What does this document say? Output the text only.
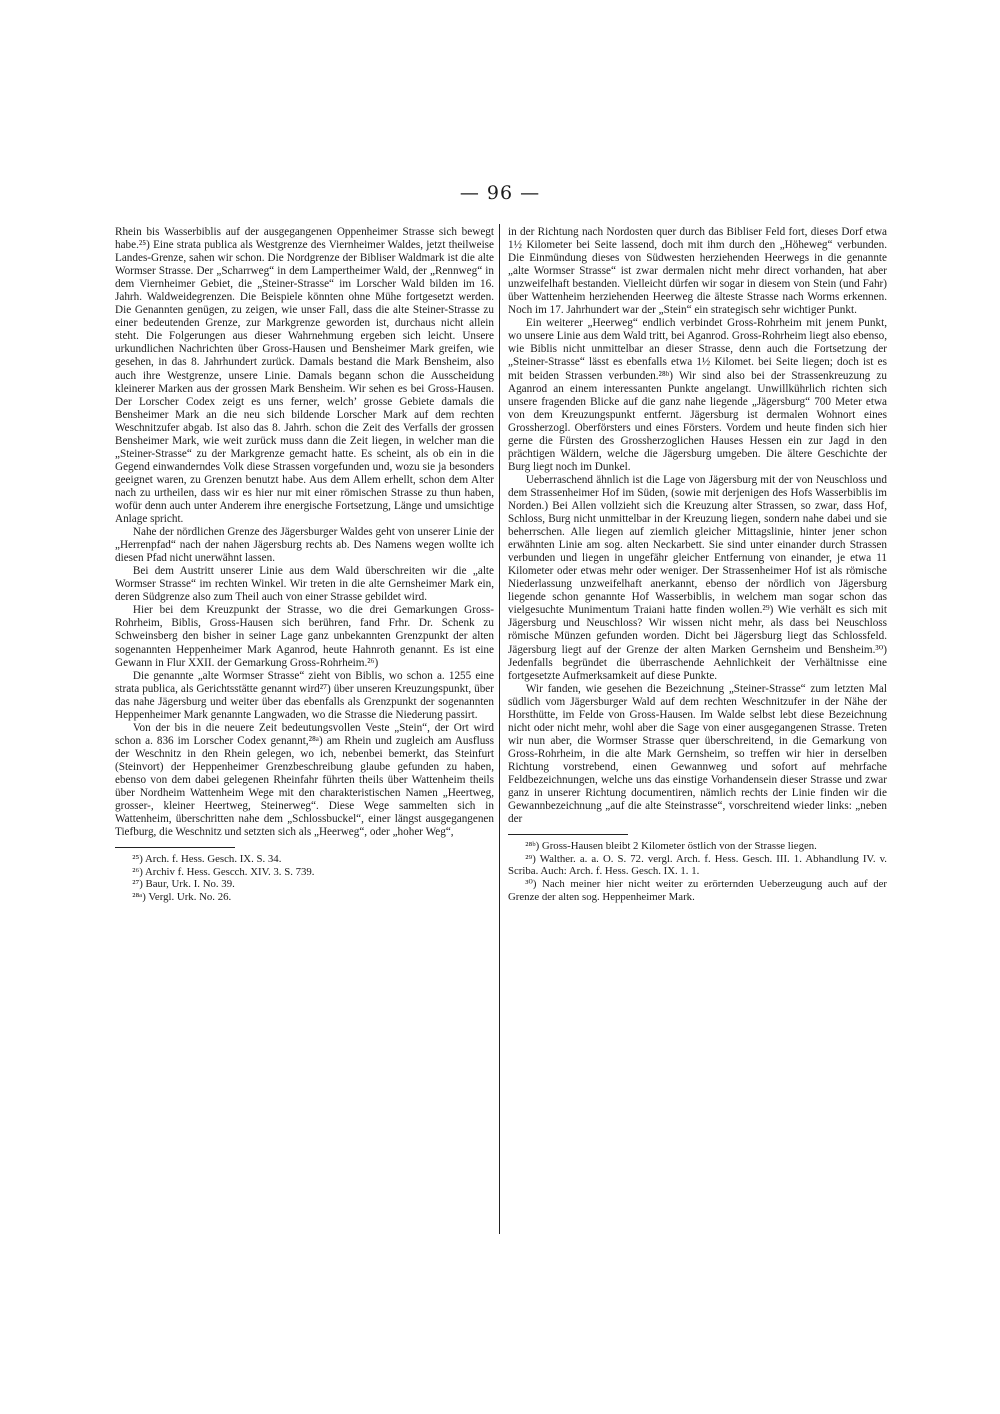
— 96 —

Rhein bis Wasserbiblis auf der ausgegangenen Oppenheimer Strasse sich bewegt habe.²⁵) Eine strata publica als Westgrenze des Viernheimer Waldes, jetzt theilweise Landes-Grenze, sahen wir schon. Die Nordgrenze der Bibliser Waldmark ist die alte Wormser Strasse. Der „Scharrweg“ in dem Lampertheimer Wald, der „Rennweg“ in dem Viernheimer Gebiet, die „Steiner-Strasse“ im Lorscher Wald bilden im 16. Jahrh. Waldweidegrenzen. Die Beispiele könnten ohne Mühe fortgesetzt werden. Die Genannten genügen, zu zeigen, wie unser Fall, dass die alte Steiner-Strasse zu einer bedeutenden Grenze, zur Markgrenze geworden ist, durchaus nicht allein steht. Die Folgerungen aus dieser Wahrnehmung ergeben sich leicht. Unsere urkundlichen Nachrichten über Gross-Hausen und Bensheimer Mark greifen, wie gesehen, in das 8. Jahrhundert zurück. Damals bestand die Mark Bensheim, also auch ihre Westgrenze, unsere Linie. Damals begann schon die Ausscheidung kleinerer Marken aus der grossen Mark Bensheim. Wir sehen es bei Gross-Hausen. Der Lorscher Codex zeigt es uns ferner, welch’ grosse Gebiete damals die Bensheimer Mark an die neu sich bildende Lorscher Mark auf dem rechten Weschnitzufer abgab. Ist also das 8. Jahrh. schon die Zeit des Verfalls der grossen Bensheimer Mark, wie weit zurück muss dann die Zeit liegen, in welcher man die „Steiner-Strasse“ zu der Markgrenze gemacht hatte. Es scheint, als ob ein in die Gegend einwanderndes Volk diese Strassen vorgefunden und, wozu sie ja besonders geeignet waren, zu Grenzen benutzt habe. Aus dem Allem erhellt, schon dem Alter nach zu urtheilen, dass wir es hier nur mit einer römischen Strasse zu thun haben, wofür denn auch unter Anderem ihre energische Fortsetzung, Länge und umsichtige Anlage spricht.

Nahe der nördlichen Grenze des Jägersburger Waldes geht von unserer Linie der „Herrenpfad“ nach der nahen Jägersburg rechts ab. Des Namens wegen wollte ich diesen Pfad nicht unerwähnt lassen.

Bei dem Austritt unserer Linie aus dem Wald überschreiten wir die „alte Wormser Strasse“ im rechten Winkel. Wir treten in die alte Gernsheimer Mark ein, deren Südgrenze also zum Theil auch von einer Strasse gebildet wird.

Hier bei dem Kreuzpunkt der Strasse, wo die drei Gemarkungen Gross-Rohrheim, Biblis, Gross-Hausen sich berühren, fand Frhr. Dr. Schenk zu Schweinsberg den bisher in seiner Lage ganz unbekannten Grenzpunkt der alten sogenannten Heppenheimer Mark Aganrod, heute Hahnroth genannt. Es ist eine Gewann in Flur XXII. der Gemarkung Gross-Rohrheim.²⁶)

Die genannte „alte Wormser Strasse“ zieht von Biblis, wo schon a. 1255 eine strata publica, als Gerichtsstätte genannt wird²⁷) über unseren Kreuzungspunkt, über das nahe Jägersburg und weiter über das ebenfalls als Grenzpunkt der sogenannten Heppenheimer Mark genannte Langwaden, wo die Strasse die Niederung passirt.

Von der bis in die neuere Zeit bedeutungsvollen Veste „Stein“, der Ort wird schon a. 836 im Lorscher Codex genannt,²⁸ᵃ) am Rhein und zugleich am Ausfluss der Weschnitz in den Rhein gelegen, wo ich, nebenbei bemerkt, das Steinfurt (Steinvort) der Heppenheimer Grenzbeschreibung glaube gefunden zu haben, ebenso von dem dabei gelegenen Rheinfahr führten theils über Wattenheim theils über Nordheim Wattenheim Wege mit den charakteristischen Namen „Heertweg, grosser-, kleiner Heertweg, Steinerweg“. Diese Wege sammelten sich in Wattenheim, überschritten nahe dem „Schlossbuckel“, einer längst ausgegangenen Tiefburg, die Weschnitz und setzten sich als „Heerweg“, oder „hoher Weg“,

²⁵) Arch. f. Hess. Gesch. IX. S. 34.

²⁶) Archiv f. Hess. Gescch. XIV. 3. S. 739.

²⁷) Baur, Urk. I. No. 39.

²⁸ᵃ) Vergl. Urk. No. 26.

in der Richtung nach Nordosten quer durch das Bibliser Feld fort, dieses Dorf etwa 1½ Kilometer bei Seite lassend, doch mit ihm durch den „Höheweg“ verbunden. Die Einmündung dieses von Südwesten herziehenden Heerwegs in die genannte „alte Wormser Strasse“ ist zwar dermalen nicht mehr direct vorhanden, hat aber unzweifelhaft bestanden. Vielleicht dürfen wir sogar in diesem von Stein (und Fahr) über Wattenheim herziehenden Heerweg die älteste Strasse nach Worms erkennen. Noch im 17. Jahrhundert war der „Stein“ ein strategisch sehr wichtiger Punkt.

Ein weiterer „Heerweg“ endlich verbindet Gross-Rohrheim mit jenem Punkt, wo unsere Linie aus dem Wald tritt, bei Aganrod. Gross-Rohrheim liegt also ebenso, wie Biblis nicht unmittelbar an dieser Strasse, denn auch die Fortsetzung der „Steiner-Strasse“ lässt es ebenfalls etwa 1½ Kilomet. bei Seite liegen; doch ist es mit beiden Strassen verbunden.²⁸ᵇ) Wir sind also bei der Strassenkreuzung zu Aganrod an einem interessanten Punkte angelangt. Unwillkührlich richten sich unsere fragenden Blicke auf die ganz nahe liegende „Jägersburg“ 700 Meter etwa von dem Kreuzungspunkt entfernt. Jägersburg ist dermalen Wohnort eines Grossherzogl. Oberförsters und eines Försters. Vordem und heute finden sich hier gerne die Fürsten des Grossherzoglichen Hauses Hessen ein zur Jagd in den prächtigen Wäldern, welche die Jägersburg umgeben. Die ältere Geschichte der Burg liegt noch im Dunkel.

Ueberraschend ähnlich ist die Lage von Jägersburg mit der von Neuschloss und dem Strassenheimer Hof im Süden, (sowie mit derjenigen des Hofs Wasserbiblis im Norden.) Bei Allen vollzieht sich die Kreuzung alter Strassen, so zwar, dass Hof, Schloss, Burg nicht unmittelbar in der Kreuzung liegen, sondern nahe dabei und sie beherrschen. Alle liegen auf ziemlich gleicher Mittagslinie, hinter jener schon erwähnten Linie am sog. alten Neckarbett. Sie sind unter einander durch Strassen verbunden und liegen in ungefähr gleicher Entfernung von einander, je etwa 11 Kilometer oder etwas mehr oder weniger. Der Strassenheimer Hof ist als römische Niederlassung unzweifelhaft anerkannt, ebenso der nördlich von Jägersburg liegende schon genannte Hof Wasserbiblis, in welchem man sogar schon das vielgesuchte Munimentum Traiani hatte finden wollen.²⁹) Wie verhält es sich mit Jägersburg und Neuschloss? Wir wissen nicht mehr, als dass bei Neuschloss römische Münzen gefunden worden. Dicht bei Jägersburg liegt das Schlossfeld. Jägersburg liegt auf der Grenze der alten Marken Gernsheim und Bensheim.³⁰) Jedenfalls begründet die überraschende Aehnlichkeit der Verhältnisse eine fortgesetzte Aufmerksamkeit auf diese Punkte.

Wir fanden, wie gesehen die Bezeichnung „Steiner-Strasse“ zum letzten Mal südlich vom Jägersburger Wald auf dem rechten Weschnitzufer in der Nähe der Horsthütte, im Felde von Gross-Hausen. Im Walde selbst lebt diese Bezeichnung nicht oder nicht mehr, wohl aber die Sage von einer ausgegangenen Strasse. Treten wir nun aber, die Wormser Strasse quer überschreitend, in die Gemarkung von Gross-Rohrheim, in die alte Mark Gernsheim, so treffen wir hier in derselben Richtung vorstrebend, einen Gewannweg und sofort auf mehrfache Feldbezeichnungen, welche uns das einstige Vorhandensein dieser Strasse und zwar ganz in unserer Richtung documentiren, nämlich rechts der Linie finden wir die Gewannbezeichnung „auf die alte Steinstrasse“, vorschreitend wieder links: „neben der

²⁸ᵇ) Gross-Hausen bleibt 2 Kilometer östlich von der Strasse liegen.

²⁹) Walther. a. a. O. S. 72. vergl. Arch. f. Hess. Gesch. III. 1. Abhandlung IV. v. Scriba. Auch: Arch. f. Hess. Gesch. IX. 1. 1.

³⁰) Nach meiner hier nicht weiter zu erörternden Ueberzeugung auch auf der Grenze der alten sog. Heppenheimer Mark.
